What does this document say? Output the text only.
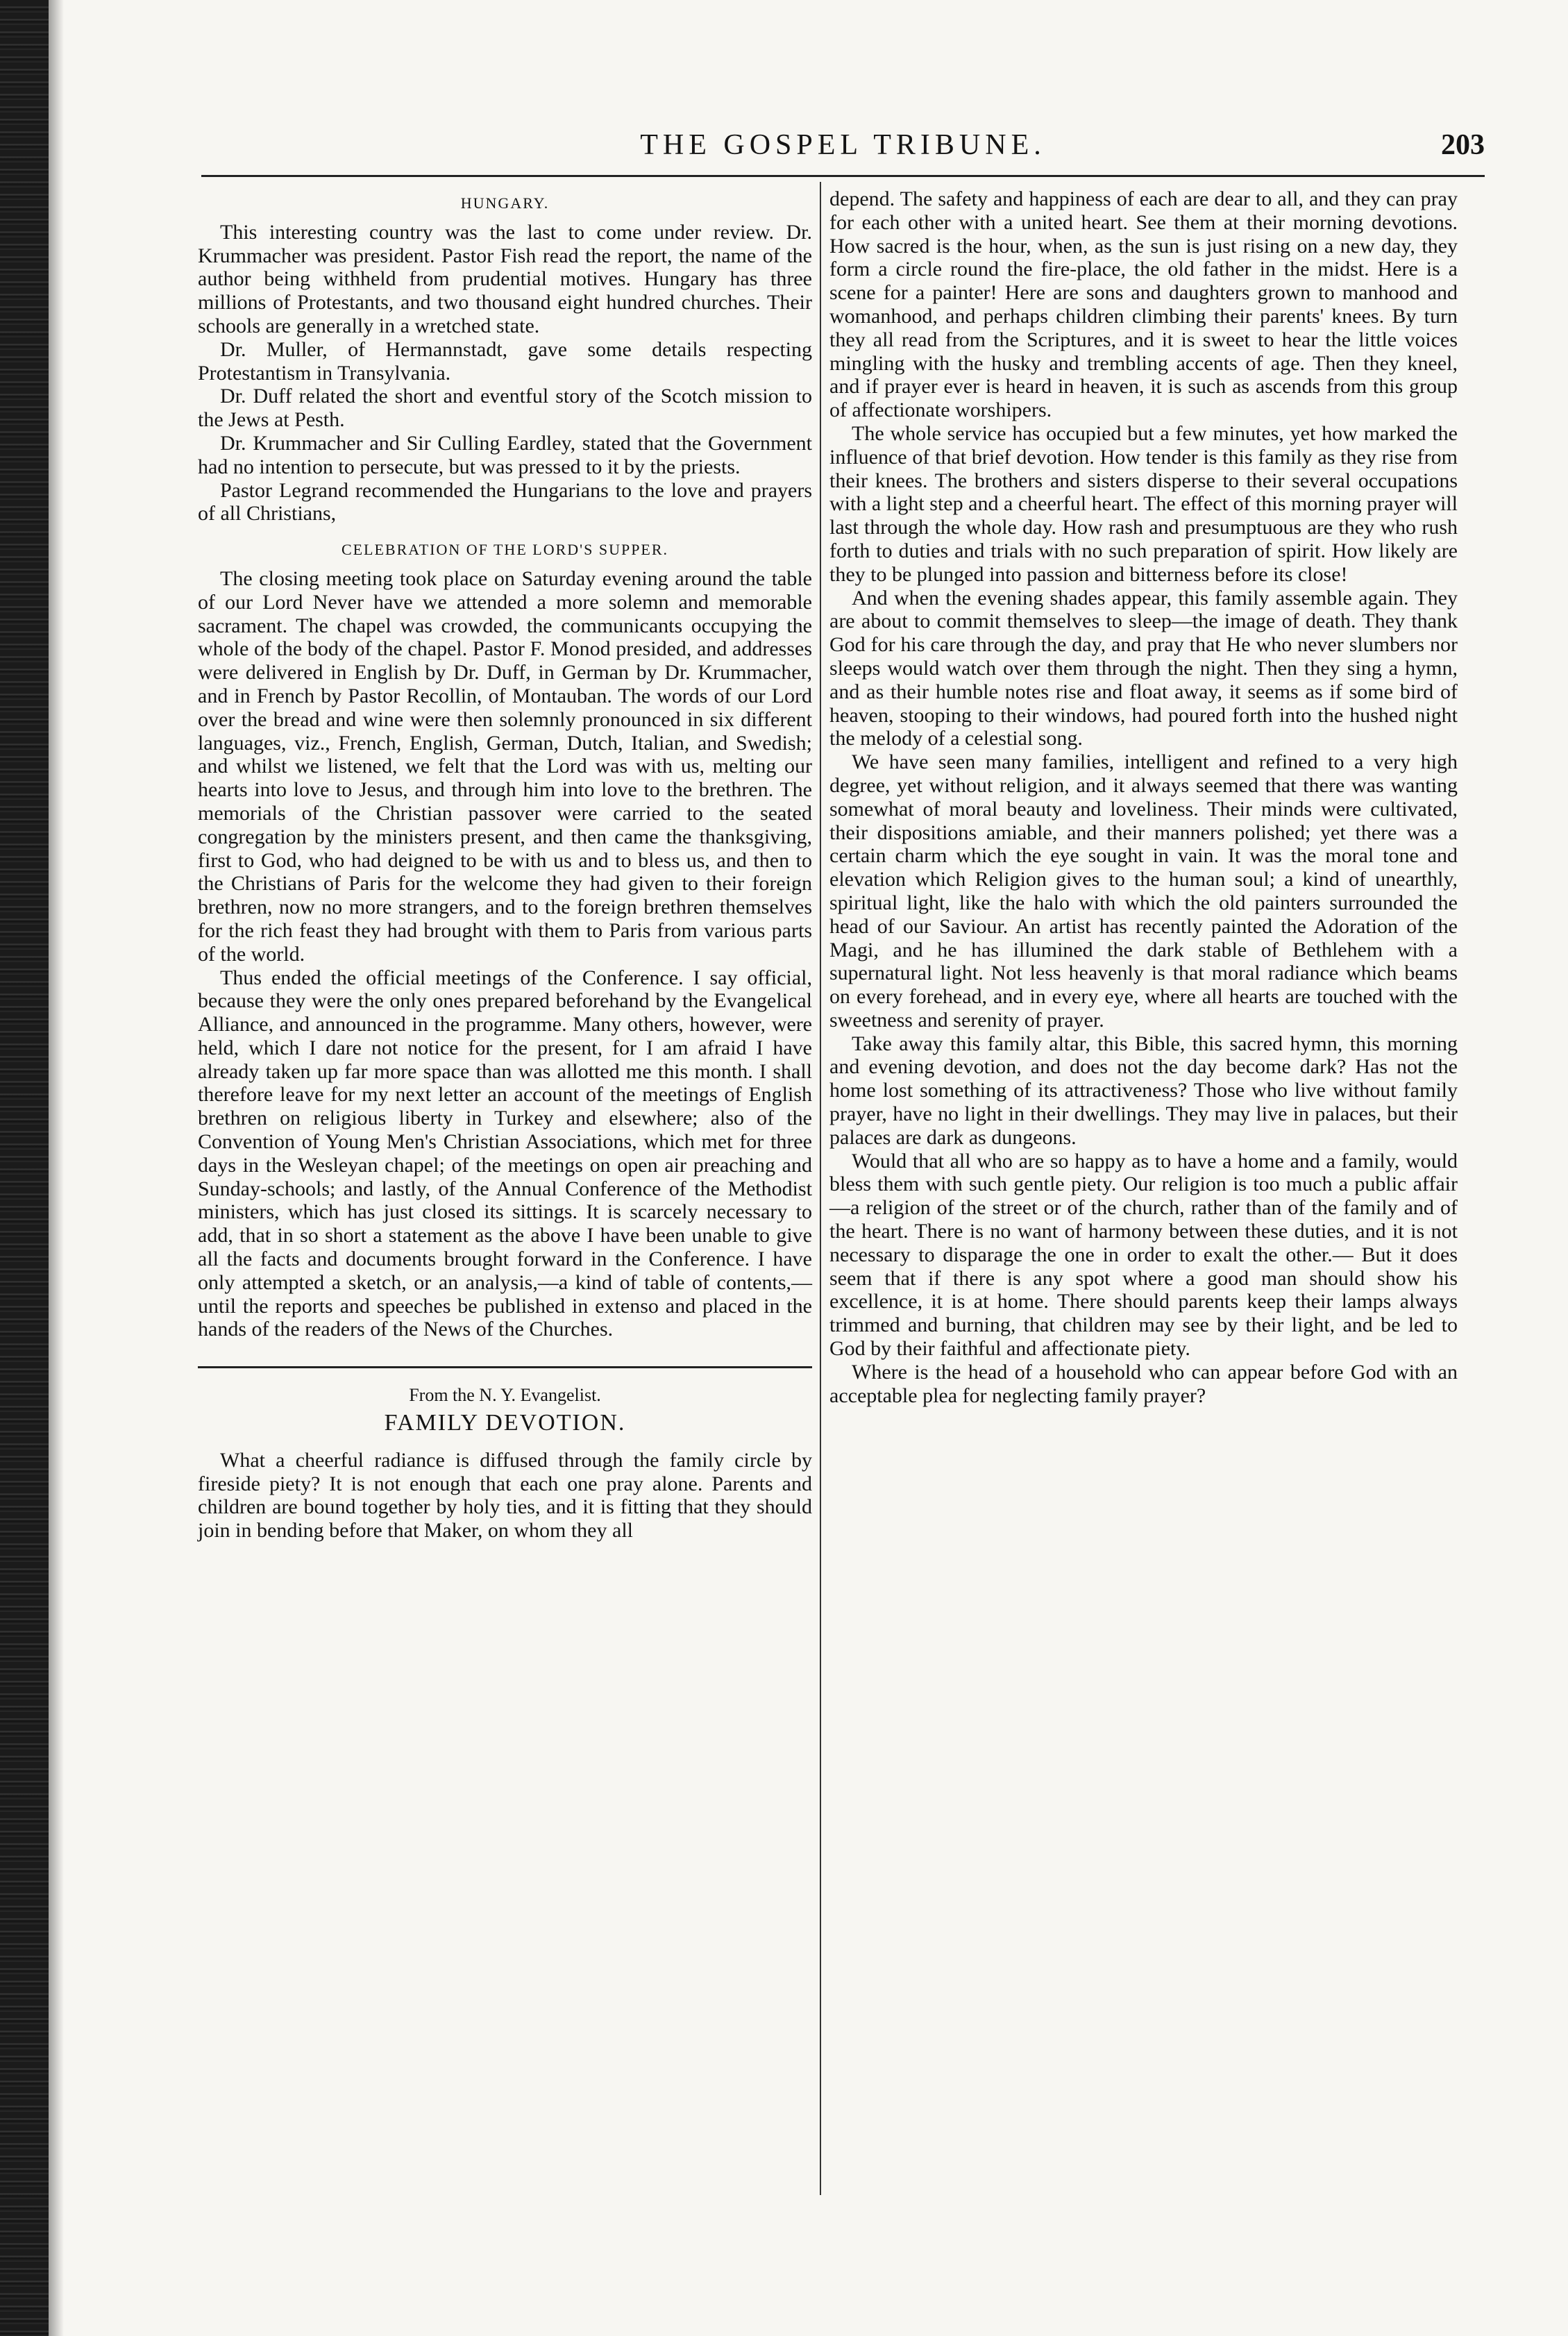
THE GOSPEL TRIBUNE.	203
HUNGARY.

This interesting country was the last to come under review. Dr. Krummacher was president. Pastor Fish read the report, the name of the author being withheld from prudential motives. Hungary has three millions of Protestants, and two thousand eight hundred churches. Their schools are generally in a wretched state.

Dr. Muller, of Hermannstadt, gave some details respecting Protestantism in Transylvania.

Dr. Duff related the short and eventful story of the Scotch mission to the Jews at Pesth.

Dr. Krummacher and Sir Culling Eardley, stated that the Government had no intention to persecute, but was pressed to it by the priests.

Pastor Legrand recommended the Hungarians to the love and prayers of all Christians,

CELEBRATION OF THE LORD'S SUPPER.

The closing meeting took place on Saturday evening around the table of our Lord Never have we attended a more solemn and memorable sacrament. The chapel was crowded, the communicants occupying the whole of the body of the chapel. Pastor F. Monod presided, and addresses were delivered in English by Dr. Duff, in German by Dr. Krummacher, and in French by Pastor Recollin, of Montauban. The words of our Lord over the bread and wine were then solemnly pronounced in six different languages, viz., French, English, German, Dutch, Italian, and Swedish; and whilst we listened, we felt that the Lord was with us, melting our hearts into love to Jesus, and through him into love to the brethren. The memorials of the Christian passover were carried to the seated congregation by the ministers present, and then came the thanksgiving, first to God, who had deigned to be with us and to bless us, and then to the Christians of Paris for the welcome they had given to their foreign brethren, now no more strangers, and to the foreign brethren themselves for the rich feast they had brought with them to Paris from various parts of the world.

Thus ended the official meetings of the Conference. I say official, because they were the only ones prepared beforehand by the Evangelical Alliance, and announced in the programme. Many others, however, were held, which I dare not notice for the present, for I am afraid I have already taken up far more space than was allotted me this month. I shall therefore leave for my next letter an account of the meetings of English brethren on religious liberty in Turkey and elsewhere; also of the Convention of Young Men's Christian Associations, which met for three days in the Wesleyan chapel; of the meetings on open air preaching and Sunday-schools; and lastly, of the Annual Conference of the Methodist ministers, which has just closed its sittings. It is scarcely necessary to add, that in so short a statement as the above I have been unable to give all the facts and documents brought forward in the Conference. I have only attempted a sketch, or an analysis,—a kind of table of contents,—until the reports and speeches be published in extenso and placed in the hands of the readers of the News of the Churches.

From the N. Y. Evangelist.
FAMILY DEVOTION.

What a cheerful radiance is diffused through the family circle by fireside piety? It is not enough that each one pray alone. Parents and children are bound together by holy ties, and it is fitting that they should join in bending before that Maker, on whom they all

depend. The safety and happiness of each are dear to all, and they can pray for each other with a united heart. See them at their morning devotions. How sacred is the hour, when, as the sun is just rising on a new day, they form a circle round the fire-place, the old father in the midst. Here is a scene for a painter! Here are sons and daughters grown to manhood and womanhood, and perhaps children climbing their parents' knees. By turn they all read from the Scriptures, and it is sweet to hear the little voices mingling with the husky and trembling accents of age. Then they kneel, and if prayer ever is heard in heaven, it is such as ascends from this group of affectionate worshipers.

The whole service has occupied but a few minutes, yet how marked the influence of that brief devotion. How tender is this family as they rise from their knees. The brothers and sisters disperse to their several occupations with a light step and a cheerful heart. The effect of this morning prayer will last through the whole day. How rash and presumptuous are they who rush forth to duties and trials with no such preparation of spirit. How likely are they to be plunged into passion and bitterness before its close!

And when the evening shades appear, this family assemble again. They are about to commit themselves to sleep—the image of death. They thank God for his care through the day, and pray that He who never slumbers nor sleeps would watch over them through the night. Then they sing a hymn, and as their humble notes rise and float away, it seems as if some bird of heaven, stooping to their windows, had poured forth into the hushed night the melody of a celestial song.

We have seen many families, intelligent and refined to a very high degree, yet without religion, and it always seemed that there was wanting somewhat of moral beauty and loveliness. Their minds were cultivated, their dispositions amiable, and their manners polished; yet there was a certain charm which the eye sought in vain. It was the moral tone and elevation which Religion gives to the human soul; a kind of unearthly, spiritual light, like the halo with which the old painters surrounded the head of our Saviour. An artist has recently painted the Adoration of the Magi, and he has illumined the dark stable of Bethlehem with a supernatural light. Not less heavenly is that moral radiance which beams on every forehead, and in every eye, where all hearts are touched with the sweetness and serenity of prayer.

Take away this family altar, this Bible, this sacred hymn, this morning and evening devotion, and does not the day become dark? Has not the home lost something of its attractiveness? Those who live without family prayer, have no light in their dwellings. They may live in palaces, but their palaces are dark as dungeons.

Would that all who are so happy as to have a home and a family, would bless them with such gentle piety. Our religion is too much a public affair—a religion of the street or of the church, rather than of the family and of the heart. There is no want of harmony between these duties, and it is not necessary to disparage the one in order to exalt the other.— But it does seem that if there is any spot where a good man should show his excellence, it is at home. There should parents keep their lamps always trimmed and burning, that children may see by their light, and be led to God by their faithful and affectionate piety.

Where is the head of a household who can appear before God with an acceptable plea for neglecting family prayer?
